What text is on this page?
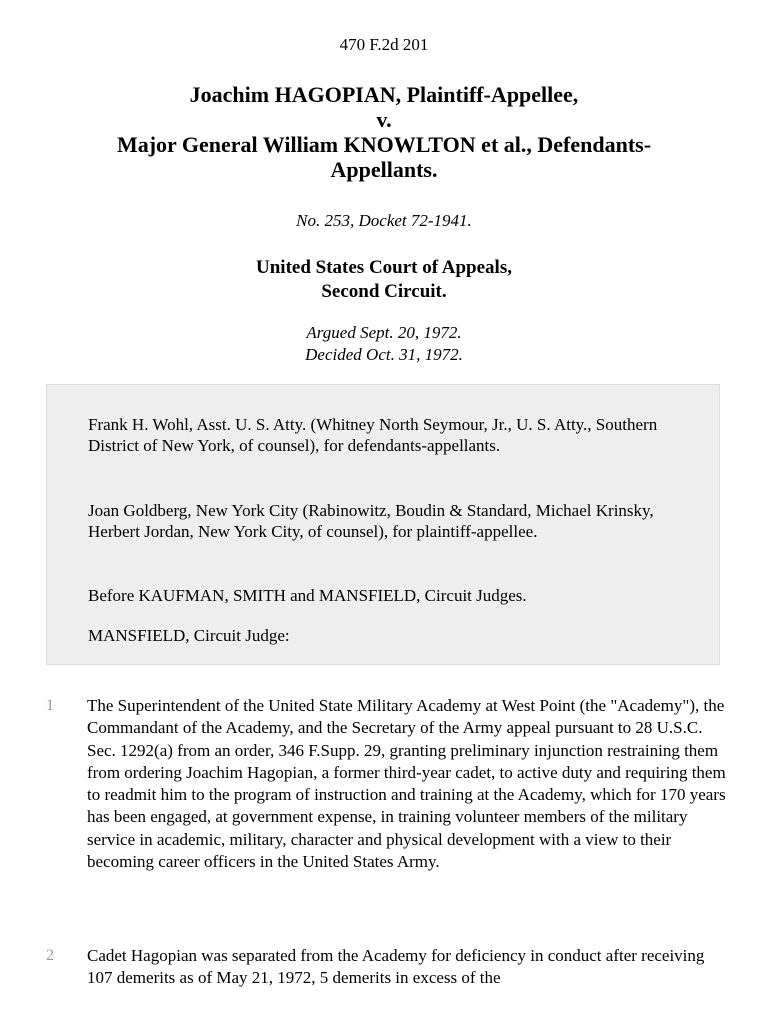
470 F.2d 201
Joachim HAGOPIAN, Plaintiff-Appellee,
v.
Major General William KNOWLTON et al., Defendants-
Appellants.
No. 253, Docket 72-1941.
United States Court of Appeals,
Second Circuit.
Argued Sept. 20, 1972.
Decided Oct. 31, 1972.

Frank H. Wohl, Asst. U. S. Atty. (Whitney North Seymour, Jr., U. S. Atty., Southern District of New York, of counsel), for defendants-appellants.

Joan Goldberg, New York City (Rabinowitz, Boudin & Standard, Michael Krinsky, Herbert Jordan, New York City, of counsel), for plaintiff-appellee.

Before KAUFMAN, SMITH and MANSFIELD, Circuit Judges.

MANSFIELD, Circuit Judge:

1 The Superintendent of the United State Military Academy at West Point (the "Academy"), the Commandant of the Academy, and the Secretary of the Army appeal pursuant to 28 U.S.C. Sec. 1292(a) from an order, 346 F.Supp. 29, granting preliminary injunction restraining them from ordering Joachim Hagopian, a former third-year cadet, to active duty and requiring them to readmit him to the program of instruction and training at the Academy, which for 170 years has been engaged, at government expense, in training volunteer members of the military service in academic, military, character and physical development with a view to their becoming career officers in the United States Army.

2 Cadet Hagopian was separated from the Academy for deficiency in conduct after receiving 107 demerits as of May 21, 1972, 5 demerits in excess of the
